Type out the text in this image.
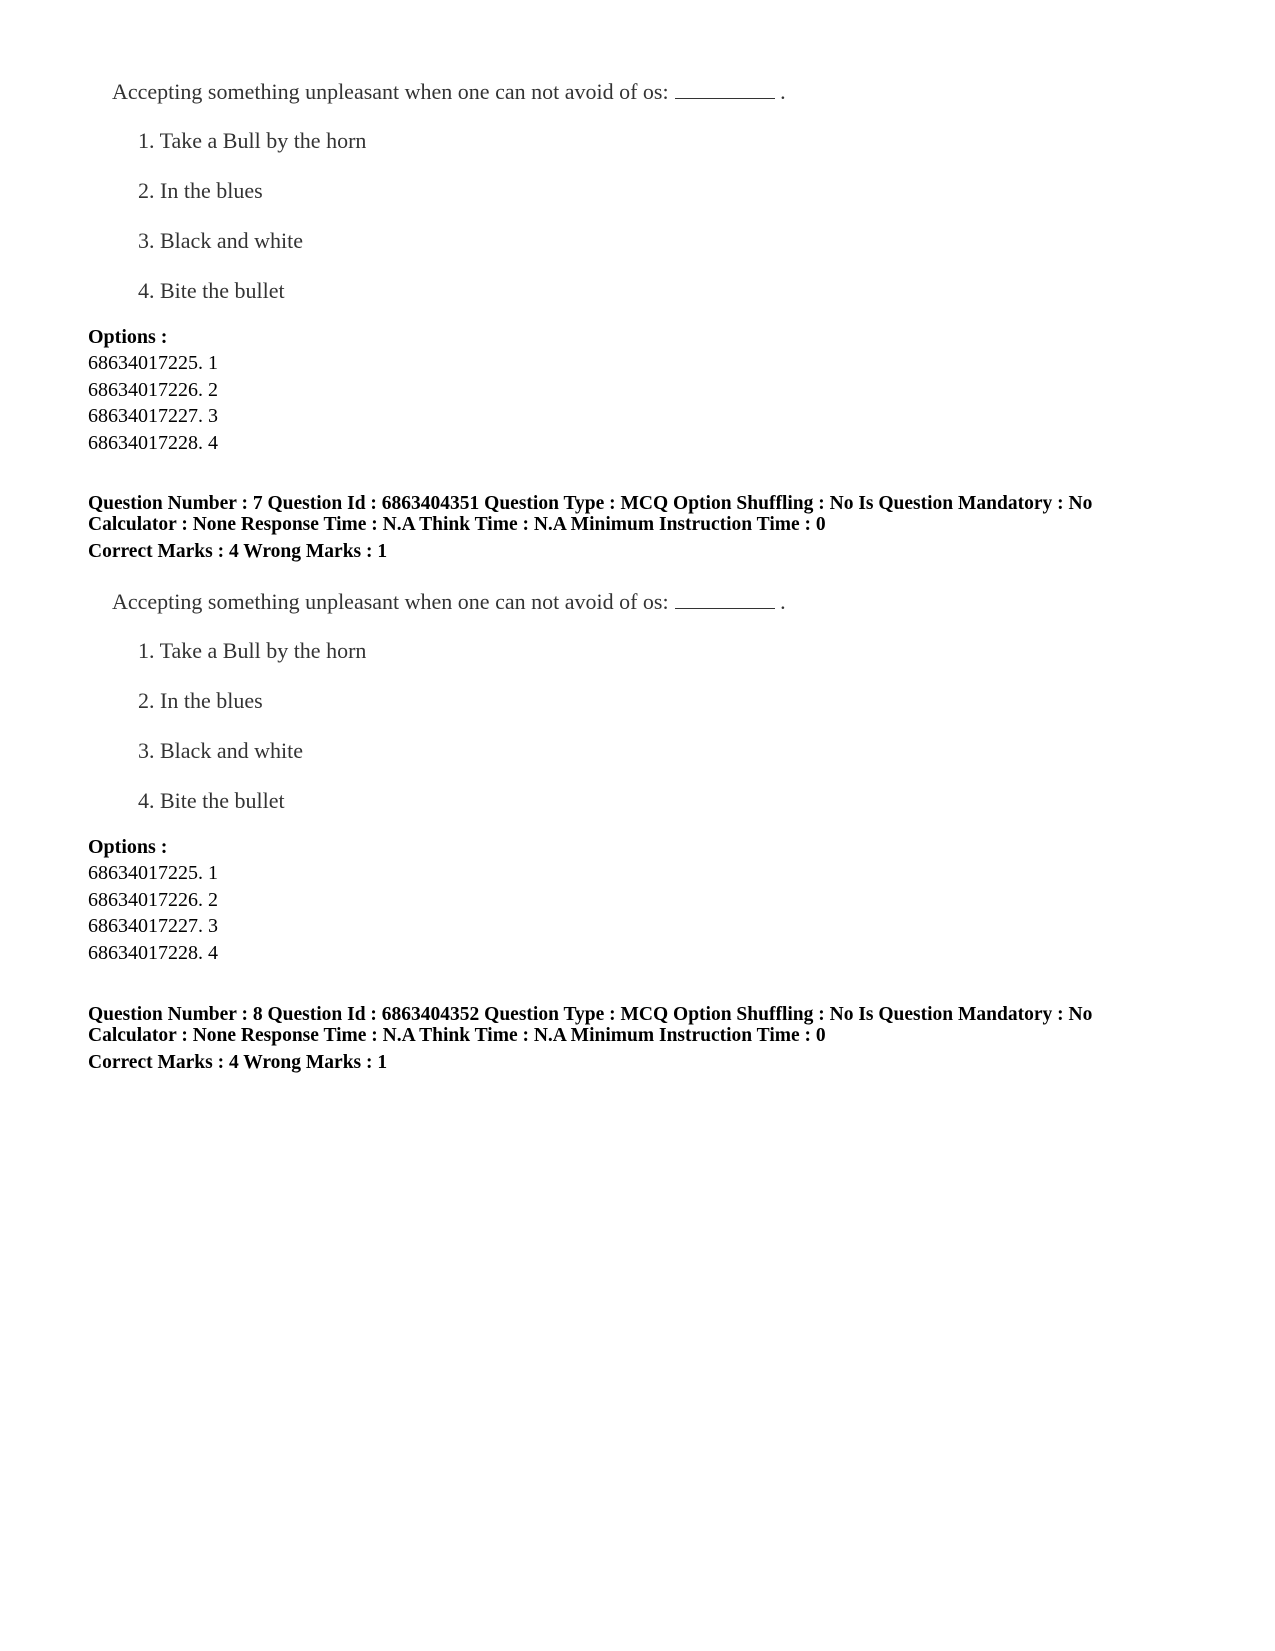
Accepting something unpleasant when one can not avoid of os:	.

1. Take a Bull by the horn
2. In the blues
3. Black and white
4. Bite the bullet
Options :
68634017225. 1
68634017226. 2
68634017227. 3
68634017228. 4

Question Number : 7 Question Id : 6863404351 Question Type : MCQ Option Shuffling : No Is Question Mandatory : No

Calculator : None Response Time : N.A Think Time : N.A Minimum Instruction Time : 0

Correct Marks : 4 Wrong Marks : 1

Accepting something unpleasant when one can not avoid of os:	.

1. Take a Bull by the horn
2. In the blues
3. Black and white
4. Bite the bullet
Options :
68634017225. 1
68634017226. 2
68634017227. 3
68634017228. 4

Question Number : 8 Question Id : 6863404352 Question Type : MCQ Option Shuffling : No Is Question Mandatory : No

Calculator : None Response Time : N.A Think Time : N.A Minimum Instruction Time : 0

Correct Marks : 4 Wrong Marks : 1
